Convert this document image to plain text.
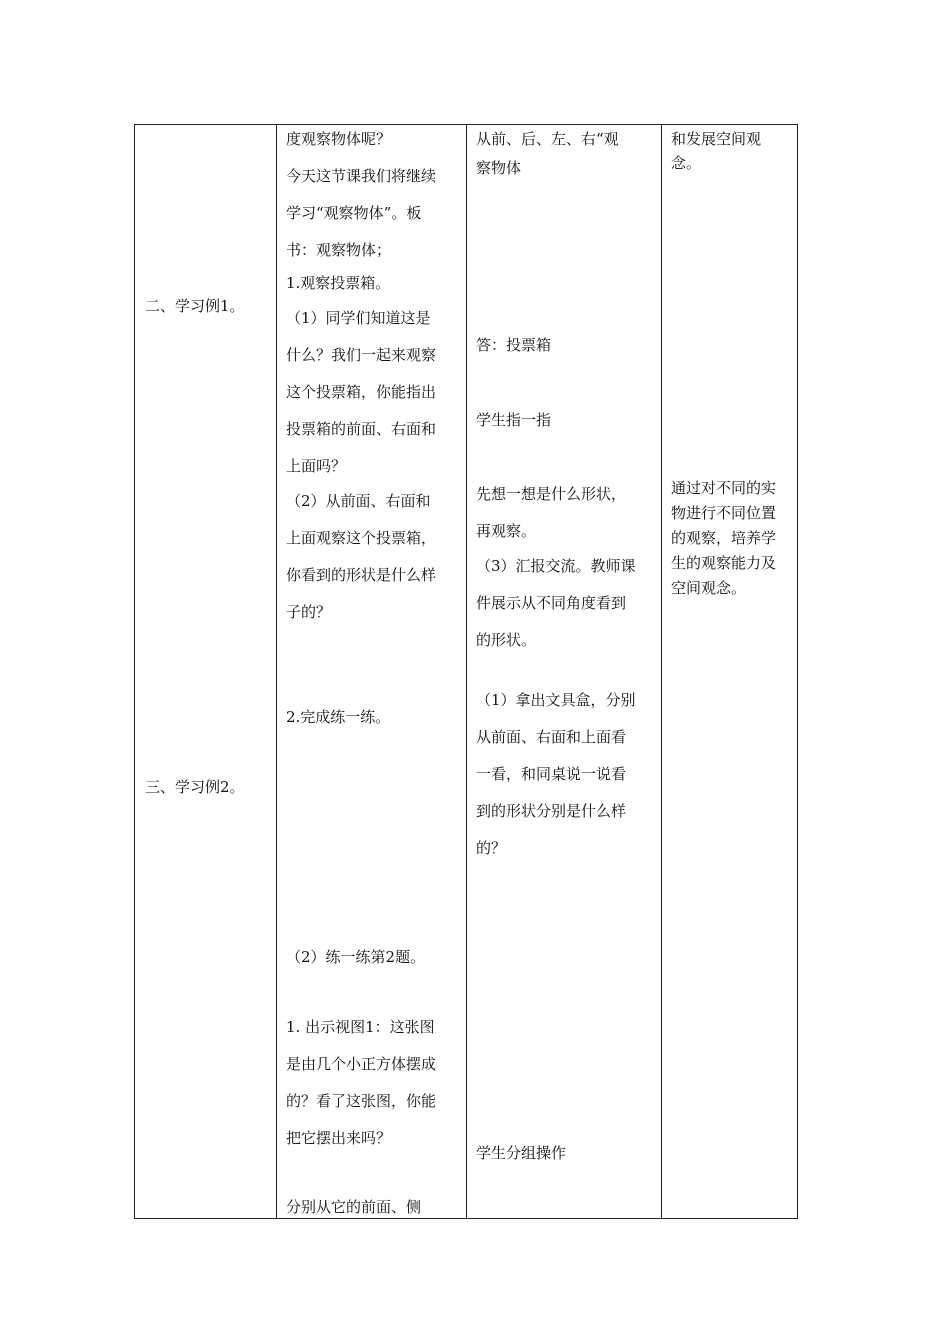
二、学习例1。
三、学习例2。
度观察物体呢？
今天这节课我们将继续
学习“观察物体”。板
书：观察物体；
1.观察投票箱。
（1）同学们知道这是
什么？我们一起来观察
这个投票箱，你能指出
投票箱的前面、右面和
上面吗？
（2）从前面、右面和
上面观察这个投票箱，
你看到的形状是什么样
子的？
2.完成练一练。
（2）练一练第2题。
1. 出示视图1：这张图
是由几个小正方体摆成
的？看了这张图，你能
把它摆出来吗？
分别从它的前面、侧
从前、后、左、右“观
察物体
答：投票箱
学生指一指
先想一想是什么形状，
再观察。
（3）汇报交流。教师课
件展示从不同角度看到
的形状。
（1）拿出文具盒，分别
从前面、右面和上面看
一看，和同桌说一说看
到的形状分别是什么样
的？
学生分组操作
和发展空间观
念。
通过对不同的实
物进行不同位置
的观察，培养学
生的观察能力及
空间观念。
